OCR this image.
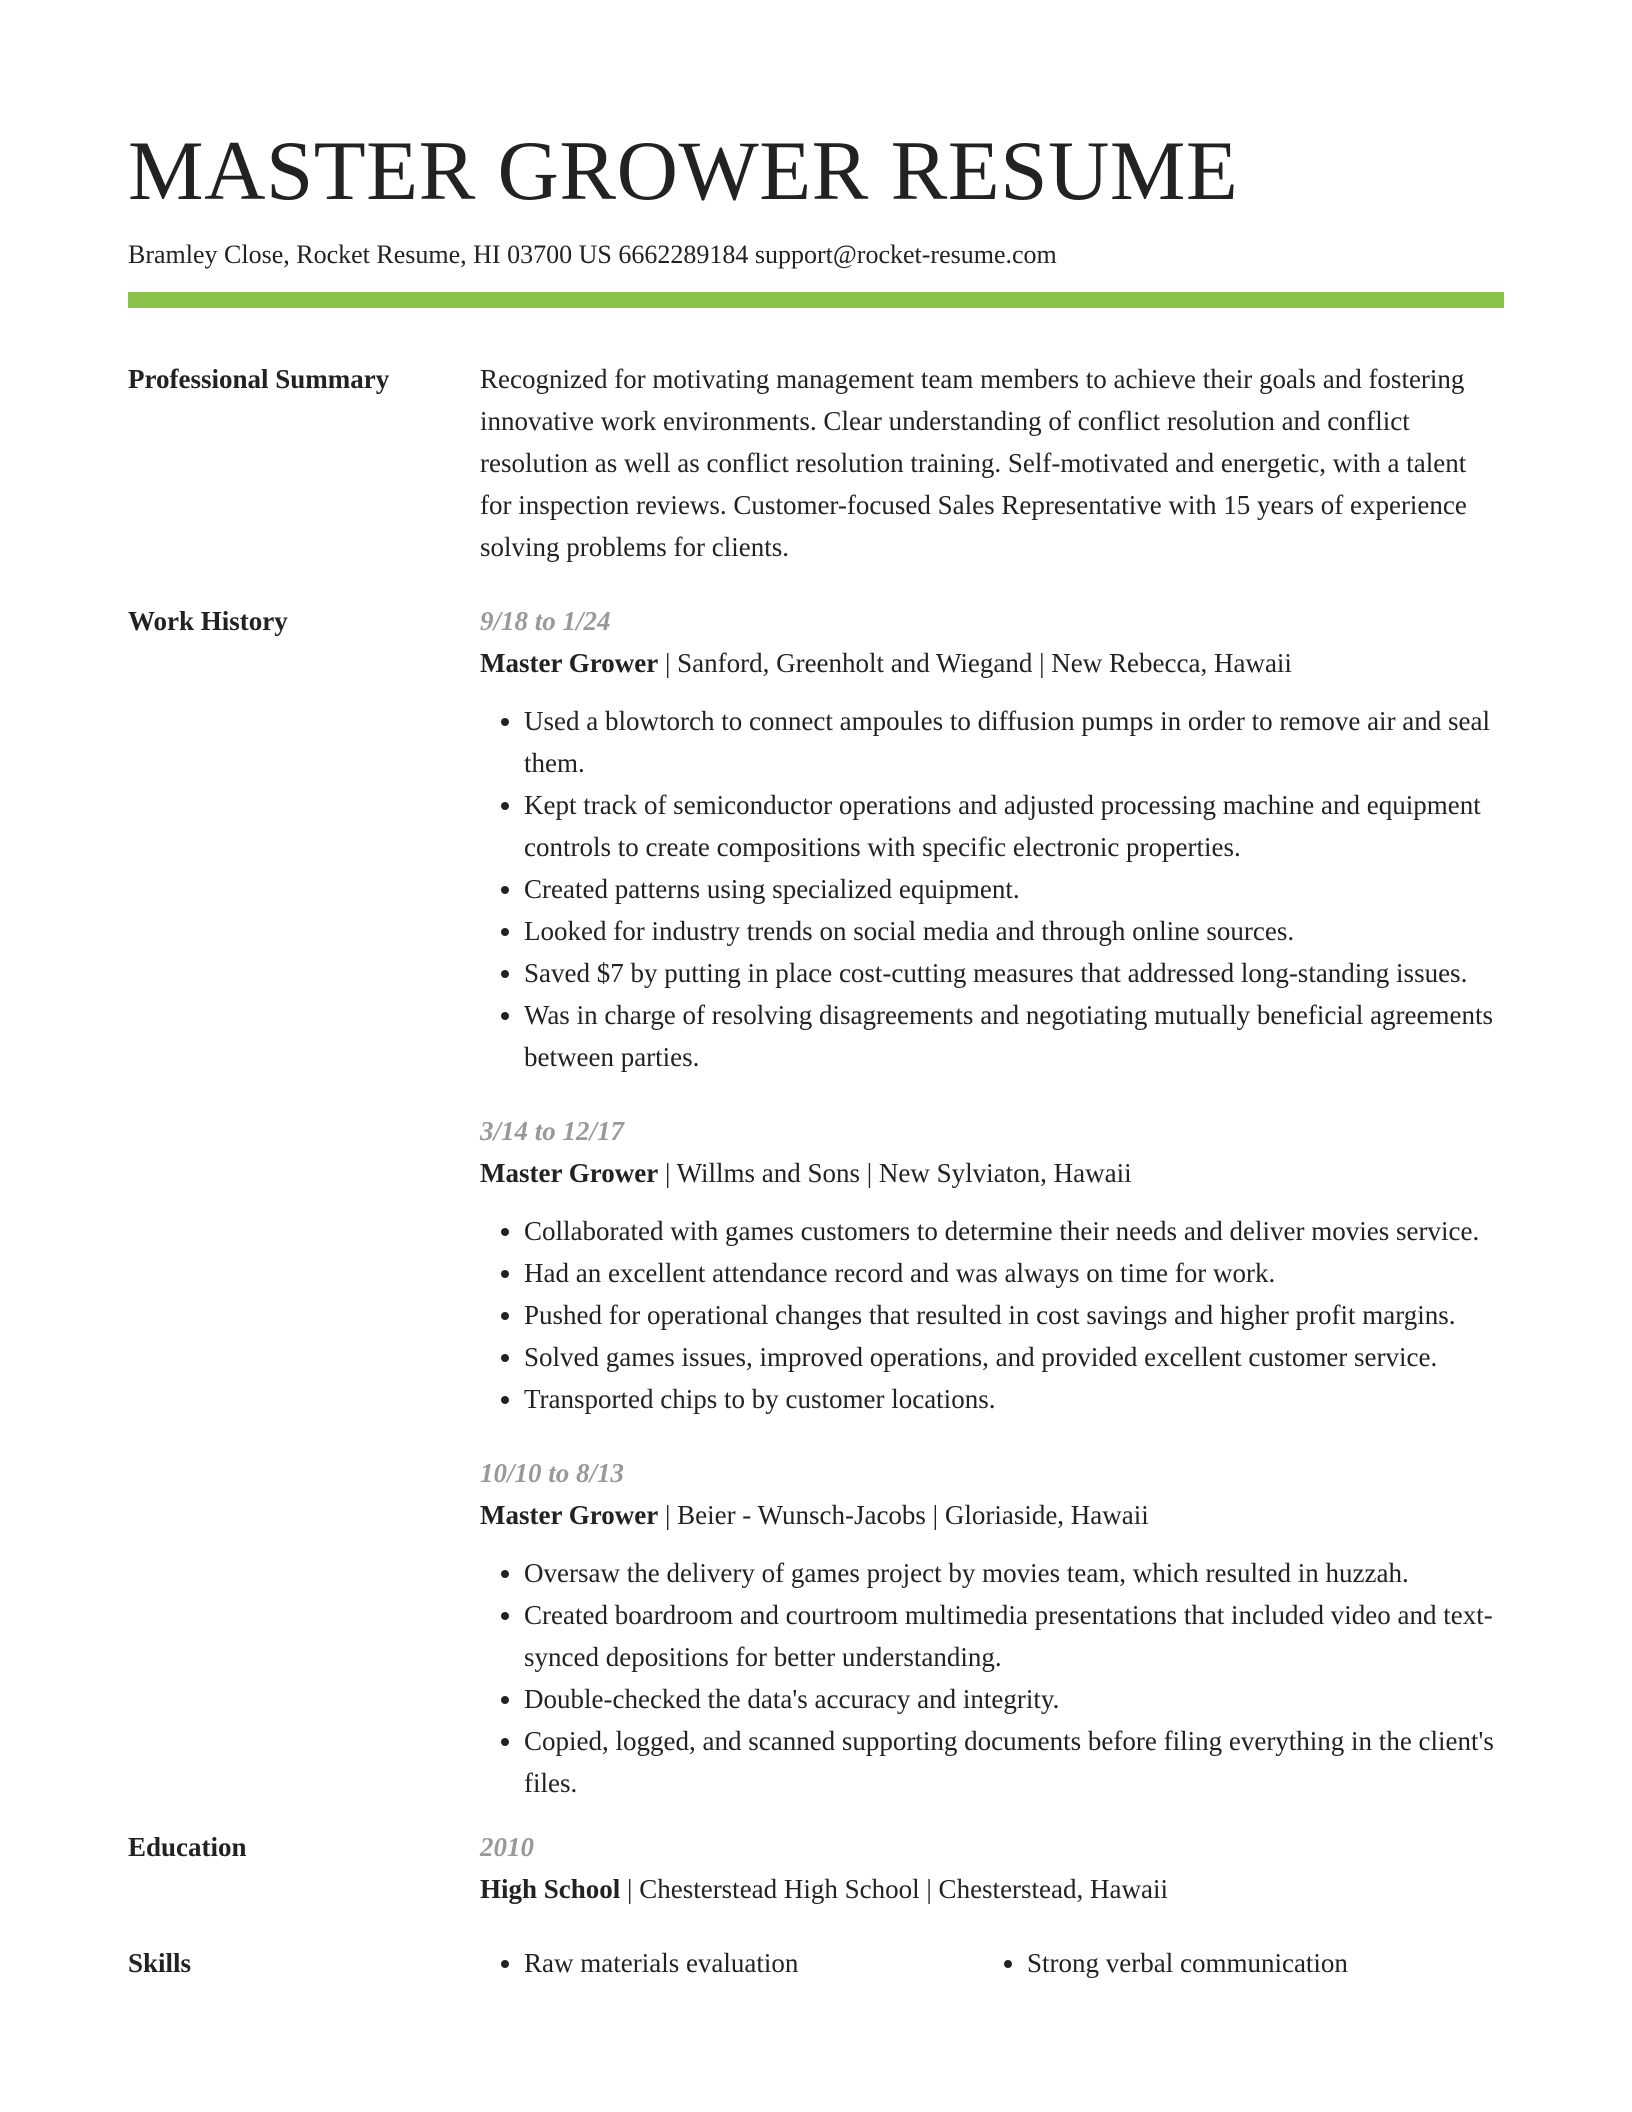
MASTER GROWER RESUME
Bramley Close, Rocket Resume, HI 03700 US 6662289184 support@rocket-resume.com
Professional Summary	Recognized for motivating management team members to achieve their goals and fostering innovative work environments. Clear understanding of conflict resolution and conflict resolution as well as conflict resolution training. Self-motivated and energetic, with a talent for inspection reviews. Customer-focused Sales Representative with 15 years of experience solving problems for clients.
Work History	9/18 to 1/24
Master Grower | Sanford, Greenholt and Wiegand | New Rebecca, Hawaii
• Used a blowtorch to connect ampoules to diffusion pumps in order to remove air and seal them.
• Kept track of semiconductor operations and adjusted processing machine and equipment controls to create compositions with specific electronic properties.
• Created patterns using specialized equipment.
• Looked for industry trends on social media and through online sources.
• Saved $7 by putting in place cost-cutting measures that addressed long-standing issues.
• Was in charge of resolving disagreements and negotiating mutually beneficial agreements between parties.
3/14 to 12/17
Master Grower | Willms and Sons | New Sylviaton, Hawaii
• Collaborated with games customers to determine their needs and deliver movies service.
• Had an excellent attendance record and was always on time for work.
• Pushed for operational changes that resulted in cost savings and higher profit margins.
• Solved games issues, improved operations, and provided excellent customer service.
• Transported chips to by customer locations.
10/10 to 8/13
Master Grower | Beier - Wunsch-Jacobs | Gloriaside, Hawaii
• Oversaw the delivery of games project by movies team, which resulted in huzzah.
• Created boardroom and courtroom multimedia presentations that included video and text-synced depositions for better understanding.
• Double-checked the data's accuracy and integrity.
• Copied, logged, and scanned supporting documents before filing everything in the client's files.
Education	2010
High School | Chesterstead High School | Chesterstead, Hawaii
Skills	• Raw materials evaluation	• Strong verbal communication
